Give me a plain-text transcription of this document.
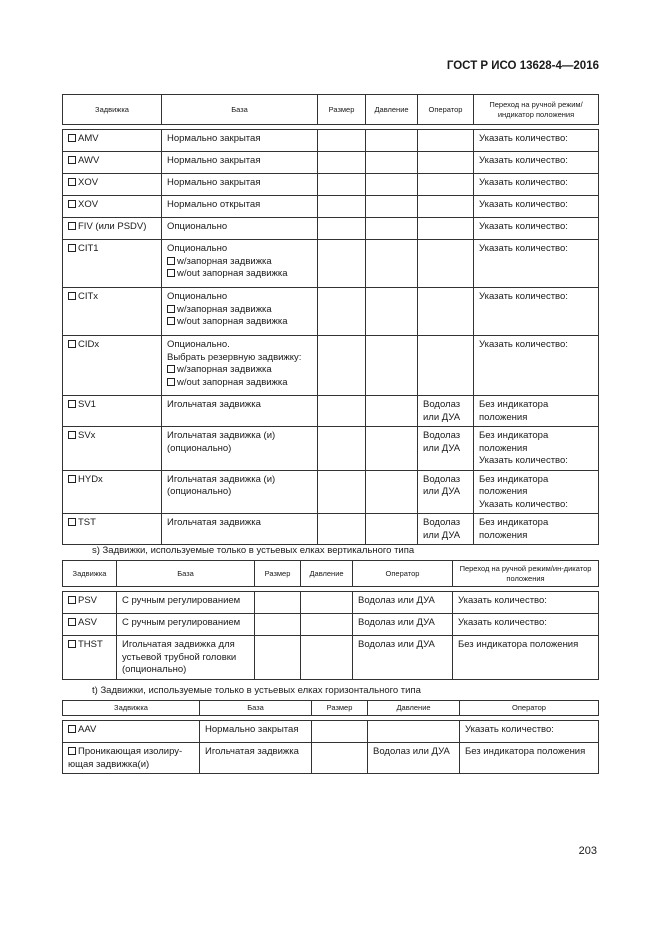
ГОСТ Р ИСО 13628-4—2016
Задвижка	База	Размер	Давление	Оператор	Переход на ручной режим/ индикатор положения

AMV	Нормально закрытая				Указать количество:

AWV	Нормально закрытая				Указать количество:

XOV	Нормально закрытая				Указать количество:

XOV	Нормально открытая				Указать количество:

FIV (или PSDV)	Опционально				Указать количество:

CIT1	Опционально
w/запорная задвижка
w/out запорная задвижка				Указать количество:

CITx	Опционально
w/запорная задвижка
w/out запорная задвижка				Указать количество:

CIDx	Опционально.
Выбрать резервную задвижку:
w/запорная задвижка
w/out запорная задвижка				Указать количество:

SV1	Игольчатая задвижка			Водолаз
или ДУА	Без индикатора
положения

SVx	Игольчатая задвижка (и)
(опционально)			Водолаз
или ДУА	Без индикатора
положения
Указать количество:

HYDx	Игольчатая задвижка (и)
(опционально)			Водолаз
или ДУА	Без индикатора
положения
Указать количество:

TST	Игольчатая задвижка			Водолаз
или ДУА	Без индикатора
положения
s) Задвижки, используемые только в устьевых елках вертикального типа
Задвижка	База	Размер	Давление	Оператор	Переход на ручной режим/ин-дикатор положения

PSV	С ручным регулированием			Водолаз или ДУА	Указать количество:

ASV	С ручным регулированием			Водолаз или ДУА	Указать количество:

THST	Игольчатая задвижка для
устьевой трубной головки
(опционально)			Водолаз или ДУА	Без индикатора положения
t) Задвижки, используемые только в устьевых елках горизонтального типа
Задвижка	База	Размер	Давление	Оператор

AAV	Нормально закрытая			Указать количество:

Проникающая изолиру-
ющая задвижка(и)	Игольчатая задвижка		Водолаз или ДУА	Без индикатора положения
203
